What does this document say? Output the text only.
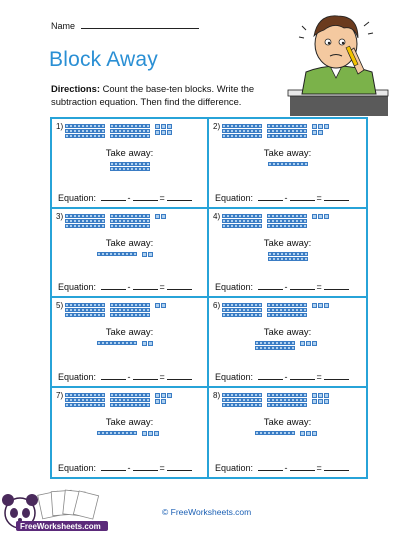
Name
Block Away
Directions: Count the base-ten blocks. Write the subtraction equation. Then find the difference.
1)
Take away:
Equation:	-	=
2)
Take away:
Equation:	-	=
3)
Take away:
Equation:	-	=
4)
Take away:
Equation:	-	=
5)
Take away:
Equation:	-	=
6)
Take away:
Equation:	-	=
7)
Take away:
Equation:	-	=
8)
Take away:
Equation:	-	=
FreeWorksheets.com
© FreeWorksheets.com
